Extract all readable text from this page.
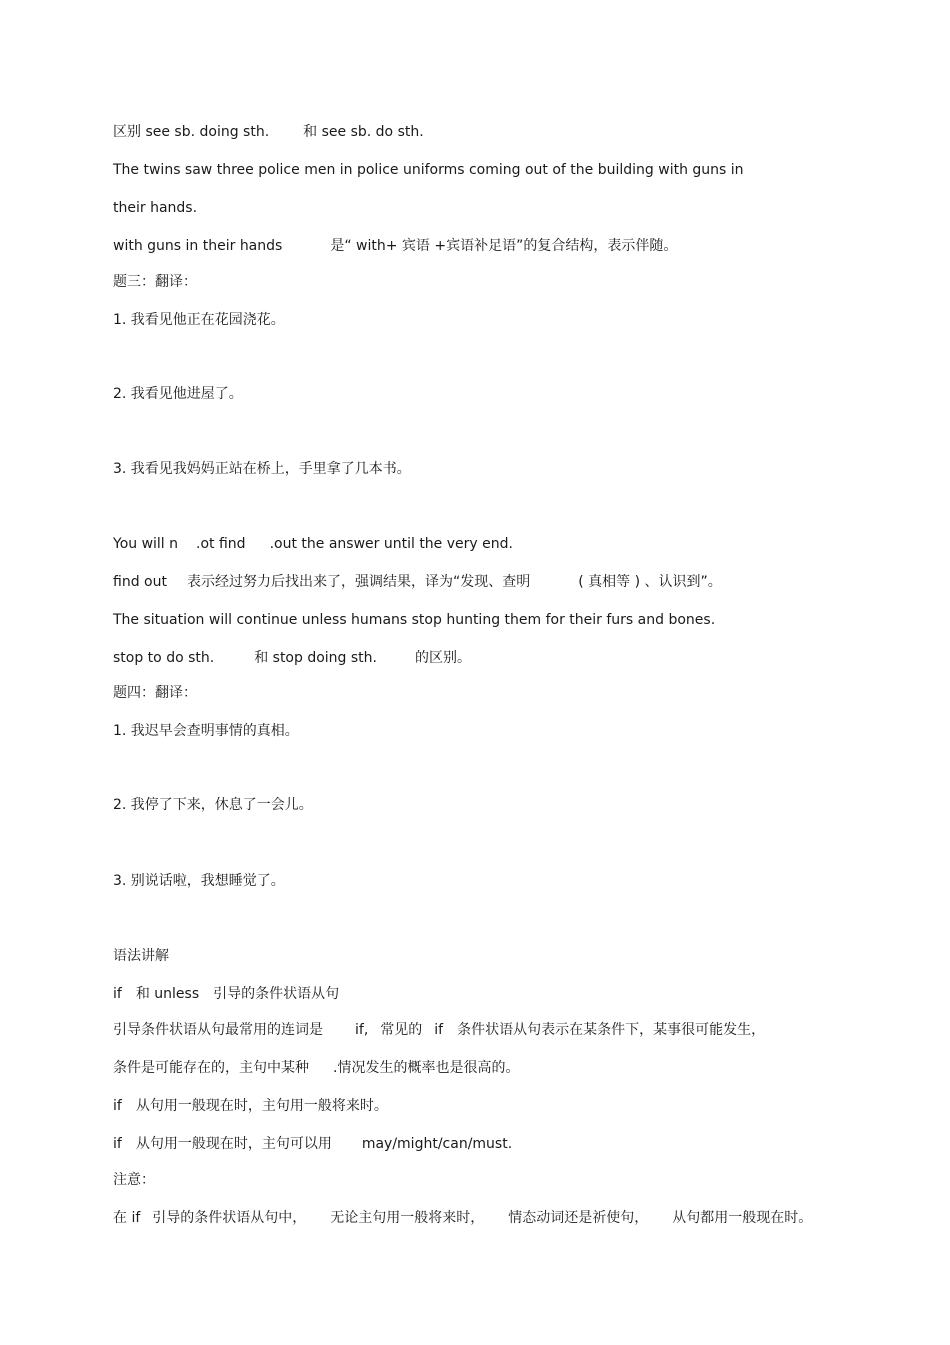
区别 see sb. doing sth. 和 see sb. do sth.
The twins saw three police men in police uniforms coming out of the building with guns in
their hands.
with guns in their hands	是“ with+ 宾语 +宾语补足语”的复合结构，表示伴随。
题三：翻译：
1. 我看见他正在花园浇花。
2. 我看见他进屋了。
3. 我看见我妈妈正站在桥上，手里拿了几本书。
You will n .ot find .out the answer until the very end.
find out 表示经过努力后找出来了，强调结果，译为“发现、查明	( 真相等 ) 、认识到”。
The situation will continue unless humans stop hunting them for their furs and bones.
stop to do sth.	和 stop doing sth.	的区别。
题四：翻译：
1. 我迟早会查明事情的真相。
2. 我停了下来，休息了一会儿。
3. 别说话啦，我想睡觉了。
语法讲解
if 和 unless 引导的条件状语从句
引导条件状语从句最常用的连词是 if, 常见的 if 条件状语从句表示在某条件下，某事很可能发生，
条件是可能存在的，主句中某种 .情况发生的概率也是很高的。
if 从句用一般现在时，主句用一般将来时。
if 从句用一般现在时，主句可以用 may/might/can/must.
注意：
在 if 引导的条件状语从句中， 无论主句用一般将来时， 情态动词还是祈使句， 从句都用一般现在时。
